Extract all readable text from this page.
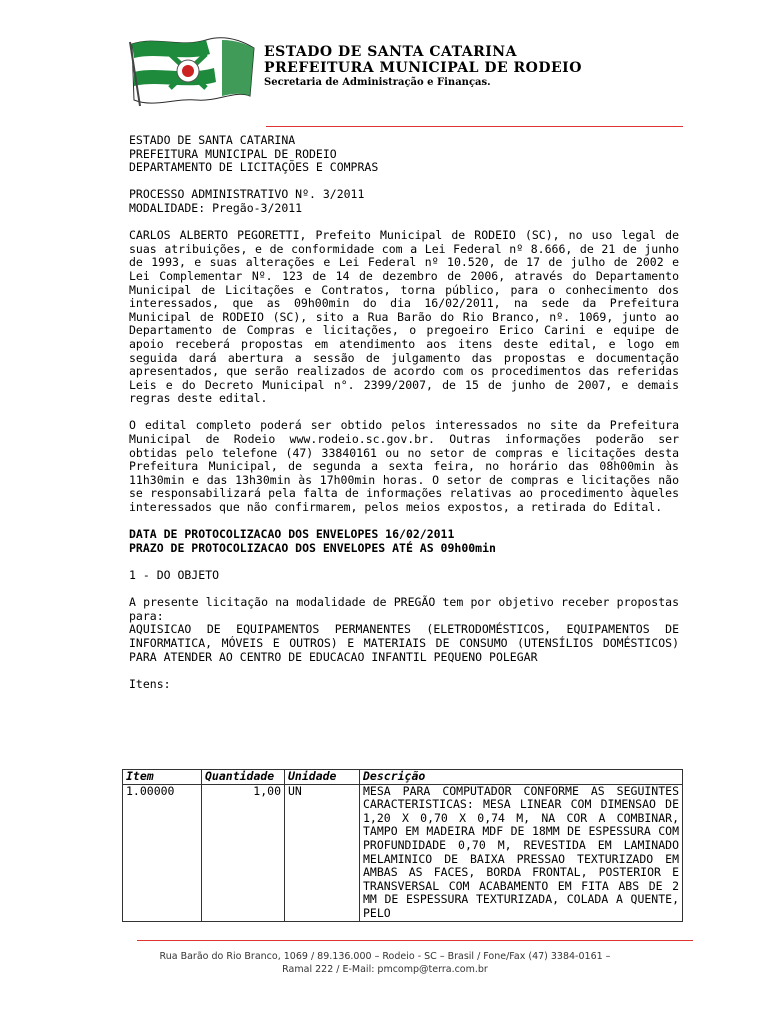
ESTADO DE SANTA CATARINA
PREFEITURA MUNICIPAL DE RODEIO
Secretaria de Administração e Finanças.

ESTADO DE SANTA CATARINA

PREFEITURA MUNICIPAL DE RODEIO

DEPARTAMENTO DE LICITAÇÕES E COMPRAS

PROCESSO ADMINISTRATIVO Nº. 3/2011

MODALIDADE: Pregão-3/2011

CARLOS ALBERTO PEGORETTI, Prefeito Municipal de RODEIO (SC), no uso legal de suas atribuições, e de conformidade com a Lei Federal nº 8.666, de 21 de junho de 1993, e suas alterações e Lei Federal nº 10.520, de 17 de julho de 2002 e Lei Complementar Nº. 123 de 14 de dezembro de 2006, através do Departamento Municipal de Licitações e Contratos, torna público, para o conhecimento dos interessados, que as 09h00min do dia 16/02/2011, na sede da Prefeitura Municipal de RODEIO (SC), sito a Rua Barão do Rio Branco, nº. 1069, junto ao Departamento de Compras e licitações, o pregoeiro Erico Carini e equipe de apoio receberá propostas em atendimento aos itens deste edital, e logo em seguida dará abertura a sessão de julgamento das propostas e documentação apresentados, que serão realizados de acordo com os procedimentos das referidas Leis e do Decreto Municipal n°. 2399/2007, de 15 de junho de 2007, e demais regras deste edital.

O edital completo poderá ser obtido pelos interessados no site da Prefeitura Municipal de Rodeio www.rodeio.sc.gov.br. Outras informações poderão ser obtidas pelo telefone (47) 33840161 ou no setor de compras e licitações desta Prefeitura Municipal, de segunda a sexta feira, no horário das 08h00min às 11h30min e das 13h30min às 17h00min horas. O setor de compras e licitações não se responsabilizará pela falta de informações relativas ao procedimento àqueles interessados que não confirmarem, pelos meios expostos, a retirada do Edital.

DATA DE PROTOCOLIZACAO DOS ENVELOPES 16/02/2011

PRAZO DE PROTOCOLIZACAO DOS ENVELOPES ATÉ AS 09h00min

1 - DO OBJETO

A presente licitação na modalidade de PREGÃO tem por objetivo receber propostas para:

AQUISICAO DE EQUIPAMENTOS PERMANENTES (ELETRODOMÉSTICOS, EQUIPAMENTOS DE INFORMATICA, MÓVEIS E OUTROS) E MATERIAIS DE CONSUMO (UTENSÍLIOS DOMÉSTICOS) PARA ATENDER AO CENTRO DE EDUCACAO INFANTIL PEQUENO POLEGAR

Itens:

Item	Quantidade	Unidade	Descrição
1.00000	1,00	UN	MESA PARA COMPUTADOR CONFORME AS SEGUINTES CARACTERISTICAS: MESA LINEAR COM DIMENSAO DE 1,20 X 0,70 X 0,74 M, NA COR A COMBINAR, TAMPO EM MADEIRA MDF DE 18MM DE ESPESSURA COM PROFUNDIDADE 0,70 M, REVESTIDA EM LAMINADO MELAMINICO DE BAIXA PRESSAO TEXTURIZADO EM AMBAS AS FACES, BORDA FRONTAL, POSTERIOR E TRANSVERSAL COM ACABAMENTO EM FITA ABS DE 2 MM DE ESPESSURA TEXTURIZADA, COLADA A QUENTE, PELO
Rua Barão do Rio Branco, 1069 / 89.136.000 – Rodeio - SC – Brasil / Fone/Fax (47) 3384-0161 –
Ramal 222 / E-Mail: pmcomp@terra.com.br
